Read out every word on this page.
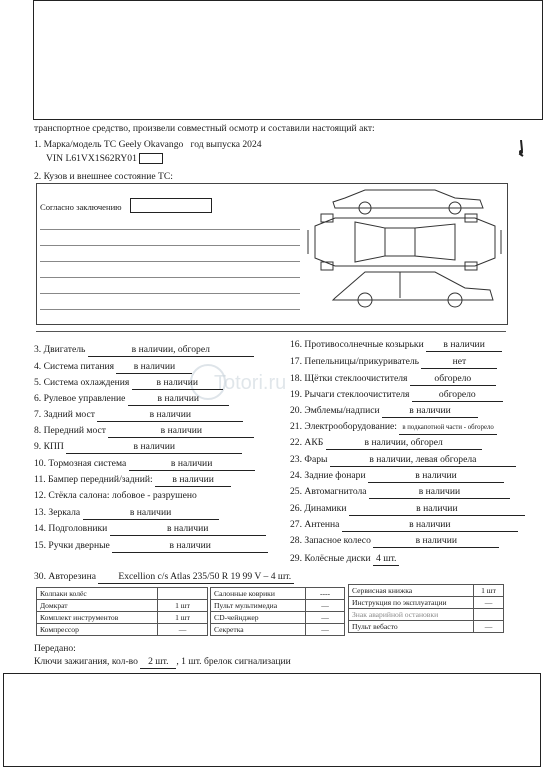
транспортное средство, произвели совместный осмотр и составили настоящий акт:
1. Марка/модель ТС Geely Okavango год выпуска 2024
VIN L61VX1S62RY01
2. Кузов и внешнее состояние ТС:
Согласно заключению
Totori.ru
3. Двигатель	в наличии, обгорел
4. Система питания в наличии
5. Система охлаждения	в наличии
6. Рулевое управление	в наличии
7. Задний мост	в наличии
8. Передний мост	в наличии
9. КПП	в наличии
10. Тормозная система	в наличии
11. Бампер передний/задний: в наличии
12. Стёкла салона: лобовое - разрушено
13. Зеркала	в наличии
14. Подголовники	в наличии
15. Ручки дверные	в наличии
16. Противосолнечные козырьки в наличии
17. Пепельницы/прикуриватель	нет
18. Щётки стеклоочистителя	обгорело
19. Рычаги стеклоочистителя	обгорело
20. Эмблемы/надписи	в наличии
21. Электрооборудование: в подкапотной части - обгорело
22. АКБ	в наличии, обгорел
23. Фары	в наличии, левая обгорела
24. Задние фонари	в наличии
25. Автомагнитола	в наличии
26. Динамики	в наличии
27. Антенна	в наличии
28. Запасное колесо	в наличии
29. Колёсные диски 4 шт.
30. Авторезина Excellion c/s Atlas 235/50 R 19 99 V – 4 шт.
Колпаки колёс	
Домкрат	1 шт
Комплект инструментов	1 шт
Компрессор	—
Салонные коврики	----
Пульт мультимедиа	—
CD-чейнджер	—
Секретка	—
Сервисная книжка	1 шт
Инструкция по эксплуатации	—
Знак аварийной остановки	
Пульт вебасто	—
Передано:
Ключи зажигания, кол-во 2 шт. , 1 шт. брелок сигнализации
